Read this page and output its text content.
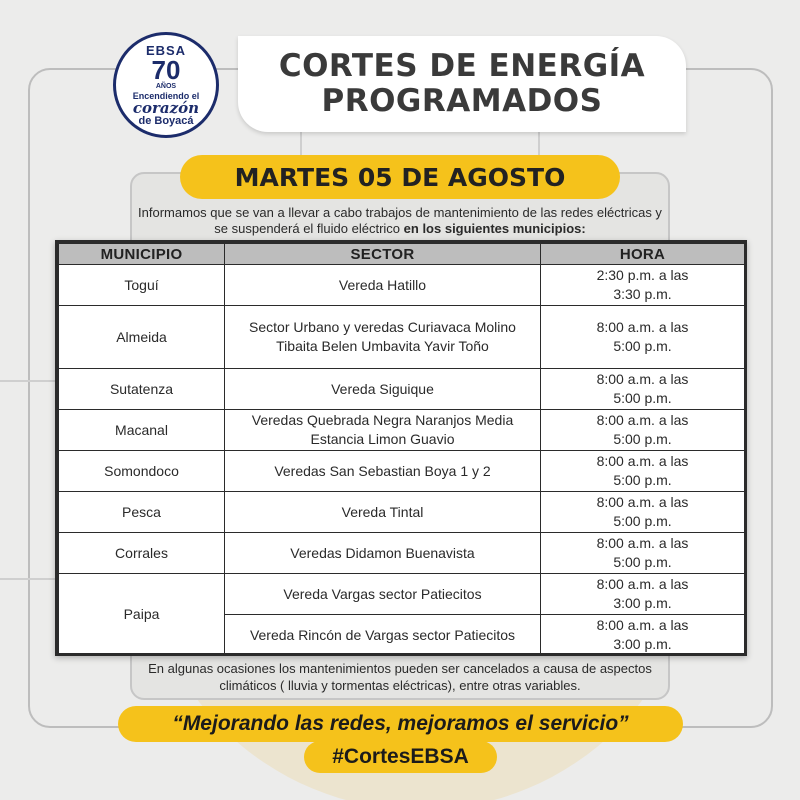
EBSA
70
AÑOS
Encendiendo el
corazón
de Boyacá
CORTES DE ENERGÍA
PROGRAMADOS
MARTES 05 DE AGOSTO
Informamos que se van a llevar a cabo trabajos de mantenimiento de las redes eléctricas y se suspenderá el fluido eléctrico en los siguientes municipios:
MUNICIPIO	SECTOR	HORA
Toguí	Vereda Hatillo	2:30 p.m. a las
3:30 p.m.
Almeida	Sector Urbano y veredas Curiavaca Molino Tibaita Belen Umbavita Yavir Toño	8:00 a.m. a las
5:00 p.m.
Sutatenza	Vereda Siguique	8:00 a.m. a las
5:00 p.m.
Macanal	Veredas Quebrada Negra Naranjos Media Estancia Limon Guavio	8:00 a.m. a las
5:00 p.m.
Somondoco	Veredas San Sebastian Boya 1 y 2	8:00 a.m. a las
5:00 p.m.
Pesca	Vereda Tintal	8:00 a.m. a las
5:00 p.m.
Corrales	Veredas Didamon Buenavista	8:00 a.m. a las
5:00 p.m.
Paipa	Vereda Vargas sector Patiecitos	8:00 a.m. a las
3:00 p.m.
	Vereda Rincón de Vargas sector Patiecitos	8:00 a.m. a las
3:00 p.m.
En algunas ocasiones los mantenimientos pueden ser cancelados a causa de aspectos climáticos ( lluvia y tormentas eléctricas), entre otras variables.
“Mejorando las redes, mejoramos el servicio”
#CortesEBSA
